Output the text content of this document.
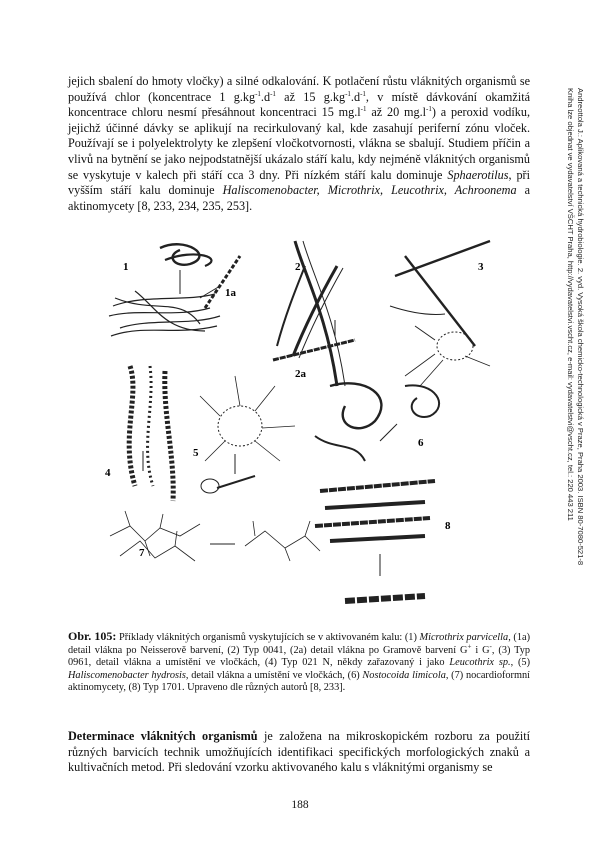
Andreottola J.: Aplikovaná a technická hydrobiologie. 2. vyd. Vysoká škola chemicko-technologická v Praze, Praha 2003. ISBN 80-7080-521-8
Kniha lze objednat ve vydavatelství VŠCHT Praha, http://vydavatelstvi.vscht.cz, e-mail: vydavatelstvi@vscht.cz, tel.: 220 443 211
jejich sbalení do hmoty vločky) a silné odkalování. K potlačení růstu vláknitých organismů se používá chlor (koncentrace 1 $g.kg^{-1}.d^{-1}$ až 15 $g.kg^{-1}.d^{-1}$, v místě dávkování okamžitá koncentrace chloru nesmí přesáhnout koncentraci 15 $mg.l^{-1}$ až 20 $mg.l^{-1}$) a peroxid vodíku, jejichž účinné dávky se aplikují na recirkulovaný kal, kde zasahují periferní zónu vloček. Používají se i polyelektrolyty ke zlepšení vločkotvornosti, vlákna se sbalují. Studiem příčin a vlivů na bytnění se jako nejpodstatnější ukázalo stáří kalu, kdy nejméně vláknitých organismů se vyskytuje v kalech při stáří cca 3 dny. Při nízkém stáří kalu dominuje Sphaerotilus, při vyšším stáří kalu dominuje Haliscomenobacter, Microthrix, Leucothrix, Achroonema a aktinomycety [8, 233, 234, 235, 253].
1
1a
2
2a
3
4
5
6
7
8
Obr. 105: Příklady vláknitých organismů vyskytujících se v aktivovaném kalu: (1) Microthrix parvicella, (1a) detail vlákna po Neisserově barvení, (2) Typ 0041, (2a) detail vlákna po Gramově barvení G+ i G-, (3) Typ 0961, detail vlákna a umístění ve vločkách, (4) Typ 021 N, někdy zařazovaný i jako Leucothrix sp., (5) Haliscomenobacter hydrosis, detail vlákna a umístění ve vločkách, (6) Nostocoida limicola, (7) nocardioformní aktinomycety, (8) Typ 1701. Upraveno dle různých autorů [8, 233].
Determinace vláknitých organismů je založena na mikroskopickém rozboru za použití různých barvicích technik umožňujících identifikaci specifických morfologických znaků a kultivačních metod. Při sledování vzorku aktivovaného kalu s vláknitými organismy se
188
